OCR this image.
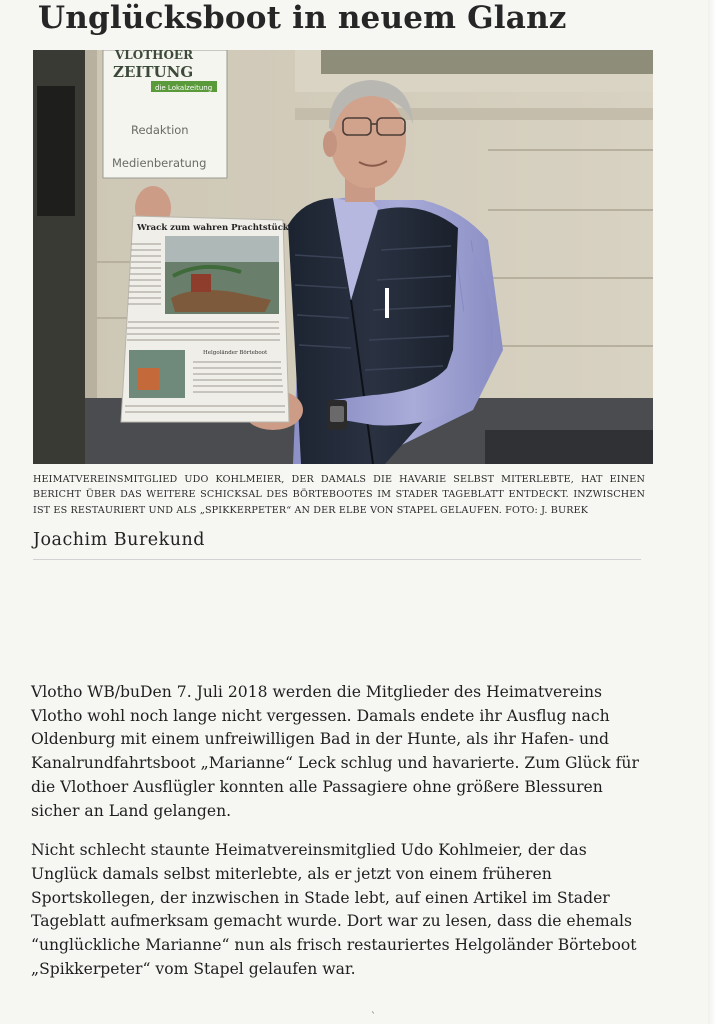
Unglücksboot in neuem Glanz
VLOTHOER
ZEITUNG
die Lokalzeitung
Redaktion
Medienberatung
Wrack zum wahren Prachtstück
Helgoländer Börteboot

HEIMATVEREINSMITGLIED UDO KOHLMEIER, DER DAMALS DIE HAVARIE SELBST MITERLEBTE, HAT EINEN BERICHT ÜBER DAS WEITERE SCHICKSAL DES BÖRTEBOOTES IM STADER TAGEBLATT ENTDECKT. INZWISCHEN IST ES RESTAURIERT UND ALS „SPIKKERPETER“ AN DER ELBE VON STAPEL GELAUFEN. FOTO: J. BUREK

Joachim Burekund

Vlotho WB/buDen 7. Juli 2018 werden die Mitglieder des Heimatvereins Vlotho wohl noch lange nicht vergessen. Damals endete ihr Ausflug nach Oldenburg mit einem unfreiwilligen Bad in der Hunte, als ihr Hafen- und Kanalrundfahrtsboot „Marianne“ Leck schlug und havarierte. Zum Glück für die Vlothoer Ausflügler konnten alle Passagiere ohne größere Blessuren sicher an Land gelangen.

Nicht schlecht staunte Heimatvereinsmitglied Udo Kohlmeier, der das Unglück damals selbst miterlebte, als er jetzt von einem früheren Sportskollegen, der inzwischen in Stade lebt, auf einen Artikel im Stader Tageblatt aufmerksam gemacht wurde. Dort war zu lesen, dass die ehemals “unglückliche Marianne“ nun als frisch restauriertes Helgoländer Börteboot „Spikkerpeter“ vom Stapel gelaufen war.

ˋ
